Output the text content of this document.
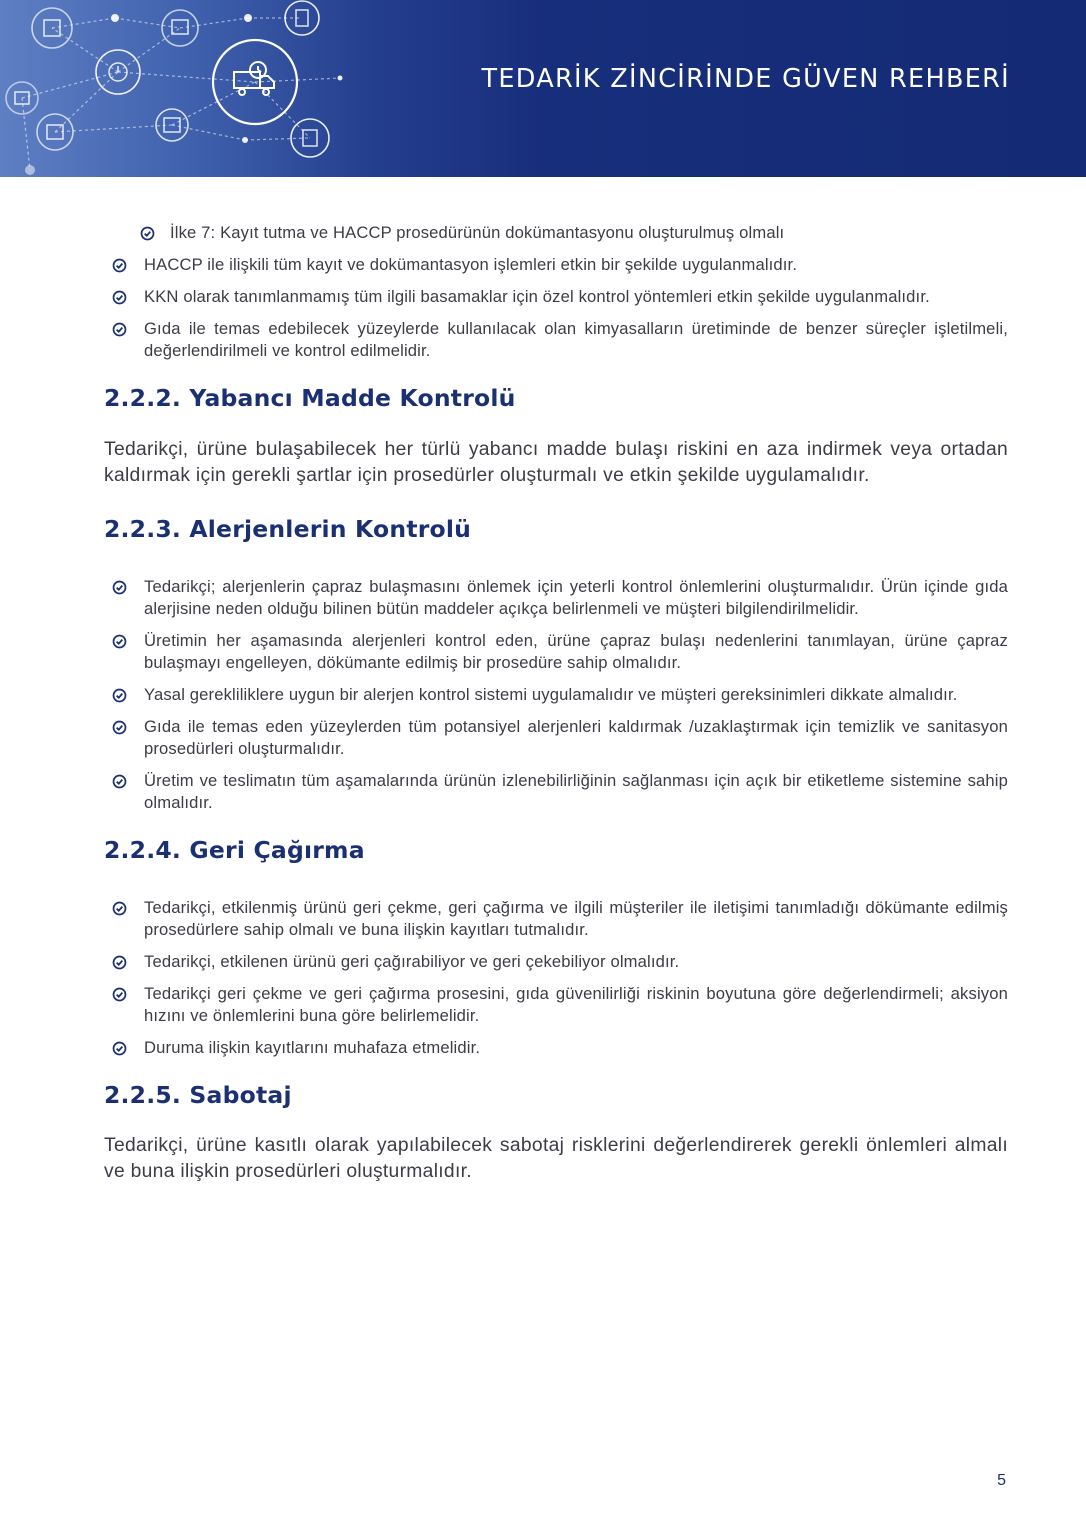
TEDARİK ZİNCİRİNDE GÜVEN REHBERİ
İlke 7: Kayıt tutma ve HACCP prosedürünün dokümantasyonu oluşturulmuş olmalı
HACCP ile ilişkili tüm kayıt ve dokümantasyon işlemleri etkin bir şekilde uygulanmalıdır.
KKN olarak tanımlanmamış tüm ilgili basamaklar için özel kontrol yöntemleri etkin şekilde uygulanmalıdır.
Gıda ile temas edebilecek yüzeylerde kullanılacak olan kimyasalların üretiminde de benzer süreçler işletilmeli, değerlendirilmeli ve kontrol edilmelidir.
2.2.2. Yabancı Madde Kontrolü

Tedarikçi, ürüne bulaşabilecek her türlü yabancı madde bulaşı riskini en aza indirmek veya ortadan kaldırmak için gerekli şartlar için prosedürler oluşturmalı ve etkin şekilde uygulamalıdır.

2.2.3. Alerjenlerin Kontrolü
Tedarikçi; alerjenlerin çapraz bulaşmasını önlemek için yeterli kontrol önlemlerini oluşturmalıdır. Ürün içinde gıda alerjisine neden olduğu bilinen bütün maddeler açıkça belirlenmeli ve müşteri bilgilendirilmelidir.
Üretimin her aşamasında alerjenleri kontrol eden, ürüne çapraz bulaşı nedenlerini tanımlayan, ürüne çapraz bulaşmayı engelleyen, dökümante edilmiş bir prosedüre sahip olmalıdır.
Yasal gerekliliklere uygun bir alerjen kontrol sistemi uygulamalıdır ve müşteri gereksinimleri dikkate almalıdır.
Gıda ile temas eden yüzeylerden tüm potansiyel alerjenleri kaldırmak /uzaklaştırmak için temizlik ve sanitasyon prosedürleri oluşturmalıdır.
Üretim ve teslimatın tüm aşamalarında ürünün izlenebilirliğinin sağlanması için açık bir etiketleme sistemine sahip olmalıdır.
2.2.4. Geri Çağırma
Tedarikçi, etkilenmiş ürünü geri çekme, geri çağırma ve ilgili müşteriler ile iletişimi tanımladığı dökümante edilmiş prosedürlere sahip olmalı ve buna ilişkin kayıtları tutmalıdır.
Tedarikçi, etkilenen ürünü geri çağırabiliyor ve geri çekebiliyor olmalıdır.
Tedarikçi geri çekme ve geri çağırma prosesini, gıda güvenilirliği riskinin boyutuna göre değerlendirmeli; aksiyon hızını ve önlemlerini buna göre belirlemelidir.
Duruma ilişkin kayıtlarını muhafaza etmelidir.
2.2.5. Sabotaj

Tedarikçi, ürüne kasıtlı olarak yapılabilecek sabotaj risklerini değerlendirerek gerekli önlemleri almalı ve buna ilişkin prosedürleri oluşturmalıdır.

5
